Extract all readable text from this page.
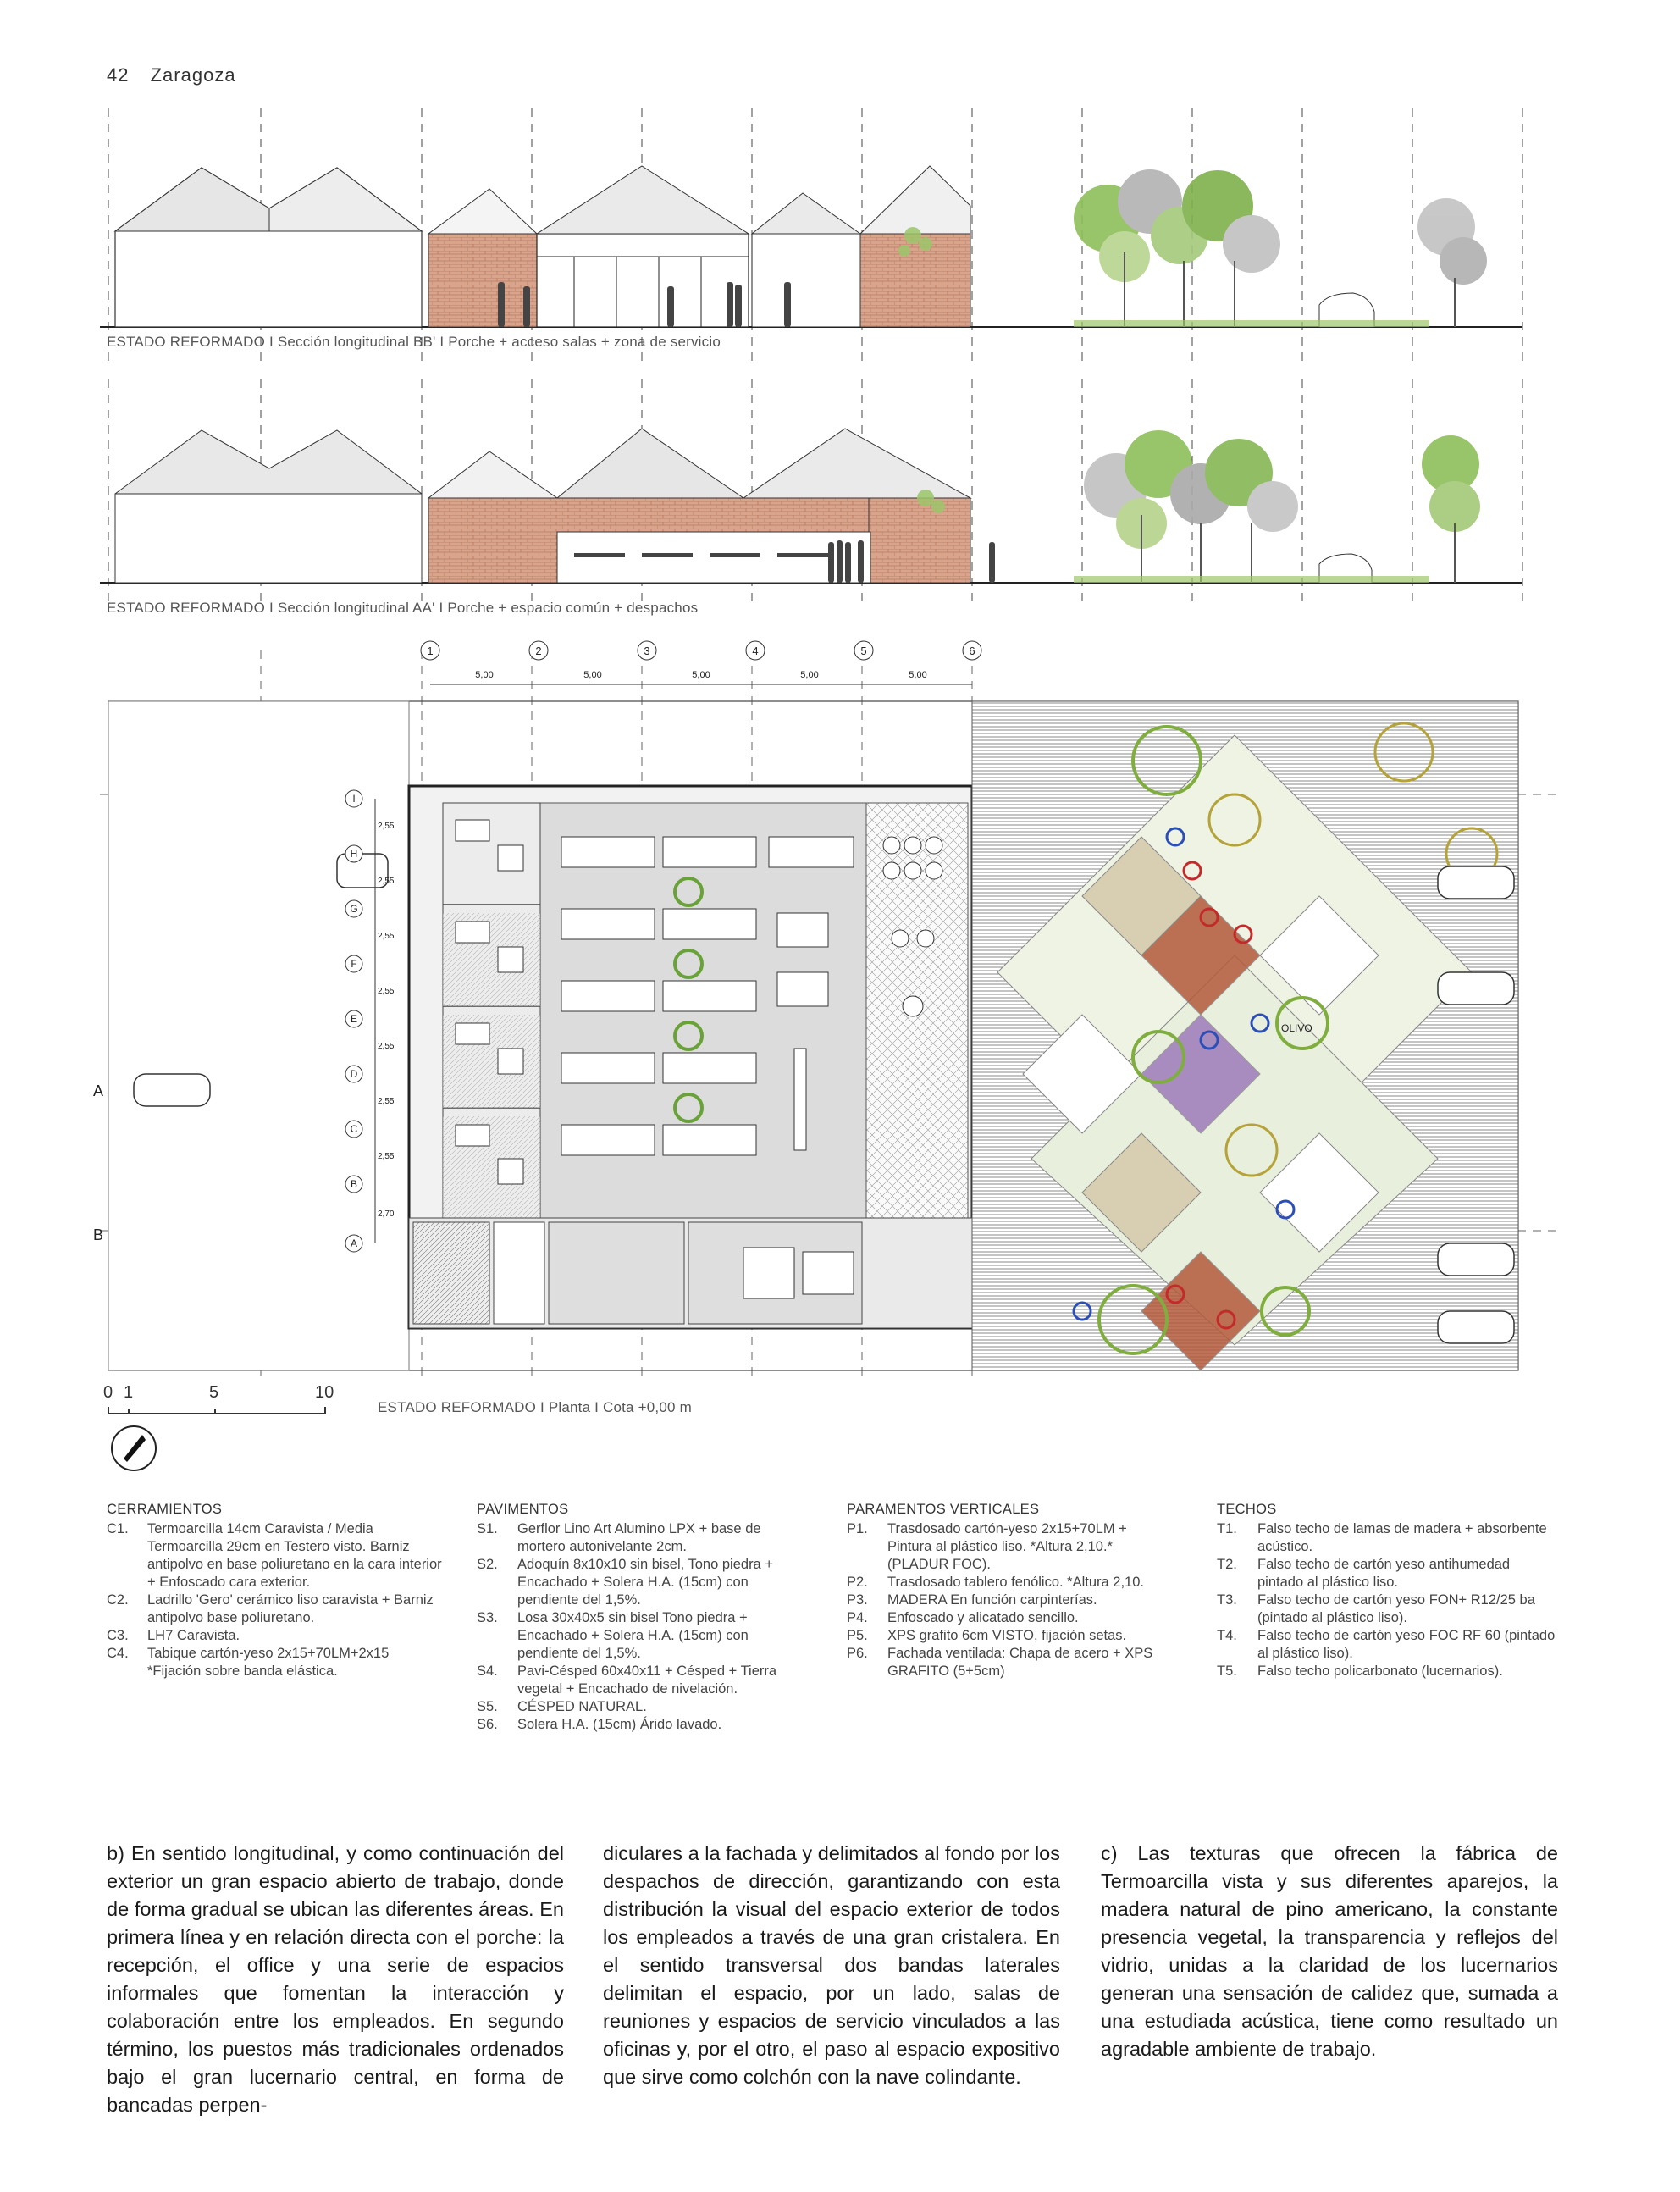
42 Zaragoza
OLIVO
1	2	3	4	5	6
5,00	5,00	5,00	5,00	5,00
I
H
G
F
E
D
C
B
A
2,55
2,55
2,55
2,55
2,55
2,55
2,55
2,70
A
B
ESTADO REFORMADO I Sección longitudinal BB' I Porche + acceso salas + zona de servicio
ESTADO REFORMADO I Sección longitudinal AA' I Porche + espacio común + despachos
ESTADO REFORMADO I Planta I Cota +0,00 m
0 1	5	10
CERRAMIENTOS
C1.	Termoarcilla 14cm Caravista / Media Termoarcilla 29cm en Testero visto. Barniz antipolvo en base poliuretano en la cara interior + Enfoscado cara exterior.
C2.	Ladrillo 'Gero' cerámico liso caravista + Barniz antipolvo base poliuretano.
C3.	LH7 Caravista.
C4.	Tabique cartón-yeso 2x15+70LM+2x15 *Fijación sobre banda elástica.
PAVIMENTOS
S1.	Gerflor Lino Art Alumino LPX + base de mortero autonivelante 2cm.
S2.	Adoquín 8x10x10 sin bisel, Tono piedra + Encachado + Solera H.A. (15cm) con pendiente del 1,5%.
S3.	Losa 30x40x5 sin bisel Tono piedra + Encachado + Solera H.A. (15cm) con pendiente del 1,5%.
S4.	Pavi-Césped 60x40x11 + Césped + Tierra vegetal + Encachado de nivelación.
S5.	CÉSPED NATURAL.
S6.	Solera H.A. (15cm) Árido lavado.
PARAMENTOS VERTICALES
P1.	Trasdosado cartón-yeso 2x15+70LM + Pintura al plástico liso. *Altura 2,10.*(PLADUR FOC).
P2.	Trasdosado tablero fenólico. *Altura 2,10.
P3.	MADERA En función carpinterías.
P4.	Enfoscado y alicatado sencillo.
P5.	XPS grafito 6cm VISTO, fijación setas.
P6.	Fachada ventilada: Chapa de acero + XPS GRAFITO (5+5cm)
TECHOS
T1.	Falso techo de lamas de madera + absorbente acústico.
T2.	Falso techo de cartón yeso antihumedad pintado al plástico liso.
T3.	Falso techo de cartón yeso FON+ R12/25 ba (pintado al plástico liso).
T4.	Falso techo de cartón yeso FOC RF 60 (pintado al plástico liso).
T5.	Falso techo policarbonato (lucernarios).

b) En sentido longitudinal, y como continuación del exterior un gran espacio abierto de trabajo, donde de forma gradual se ubican las diferentes áreas. En primera línea y en relación directa con el porche: la recepción, el office y una serie de espacios informales que fomentan la interacción y colaboración entre los empleados. En segundo término, los puestos más tradicionales ordenados bajo el gran lucernario central, en forma de bancadas perpen-

diculares a la fachada y delimitados al fondo por los despachos de dirección, garantizando con esta distribución la visual del espacio exterior de todos los empleados a través de una gran cristalera. En el sentido transversal dos bandas laterales delimitan el espacio, por un lado, salas de reuniones y espacios de servicio vinculados a las oficinas y, por el otro, el paso al espacio expositivo que sirve como colchón con la nave colindante.

c) Las texturas que ofrecen la fábrica de Termoarcilla vista y sus diferentes aparejos, la madera natural de pino americano, la constante presencia vegetal, la transparencia y reflejos del vidrio, unidas a la claridad de los lucernarios generan una sensación de calidez que, sumada a una estudiada acústica, tiene como resultado un agradable ambiente de trabajo.
